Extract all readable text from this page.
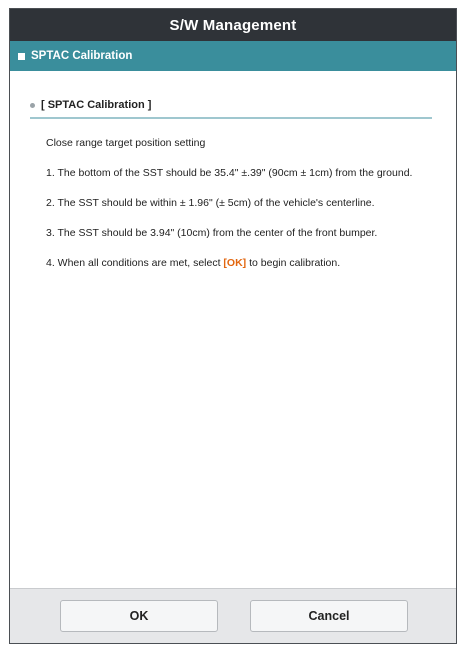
S/W Management
SPTAC Calibration
[ SPTAC Calibration ]
Close range target position setting
1. The bottom of the SST should be 35.4" ±.39" (90cm ± 1cm) from the ground.
2. The SST should be within ± 1.96" (± 5cm) of the vehicle's centerline.
3. The SST should be 3.94" (10cm) from the center of the front bumper.
4. When all conditions are met, select [OK] to begin calibration.
OK	Cancel
